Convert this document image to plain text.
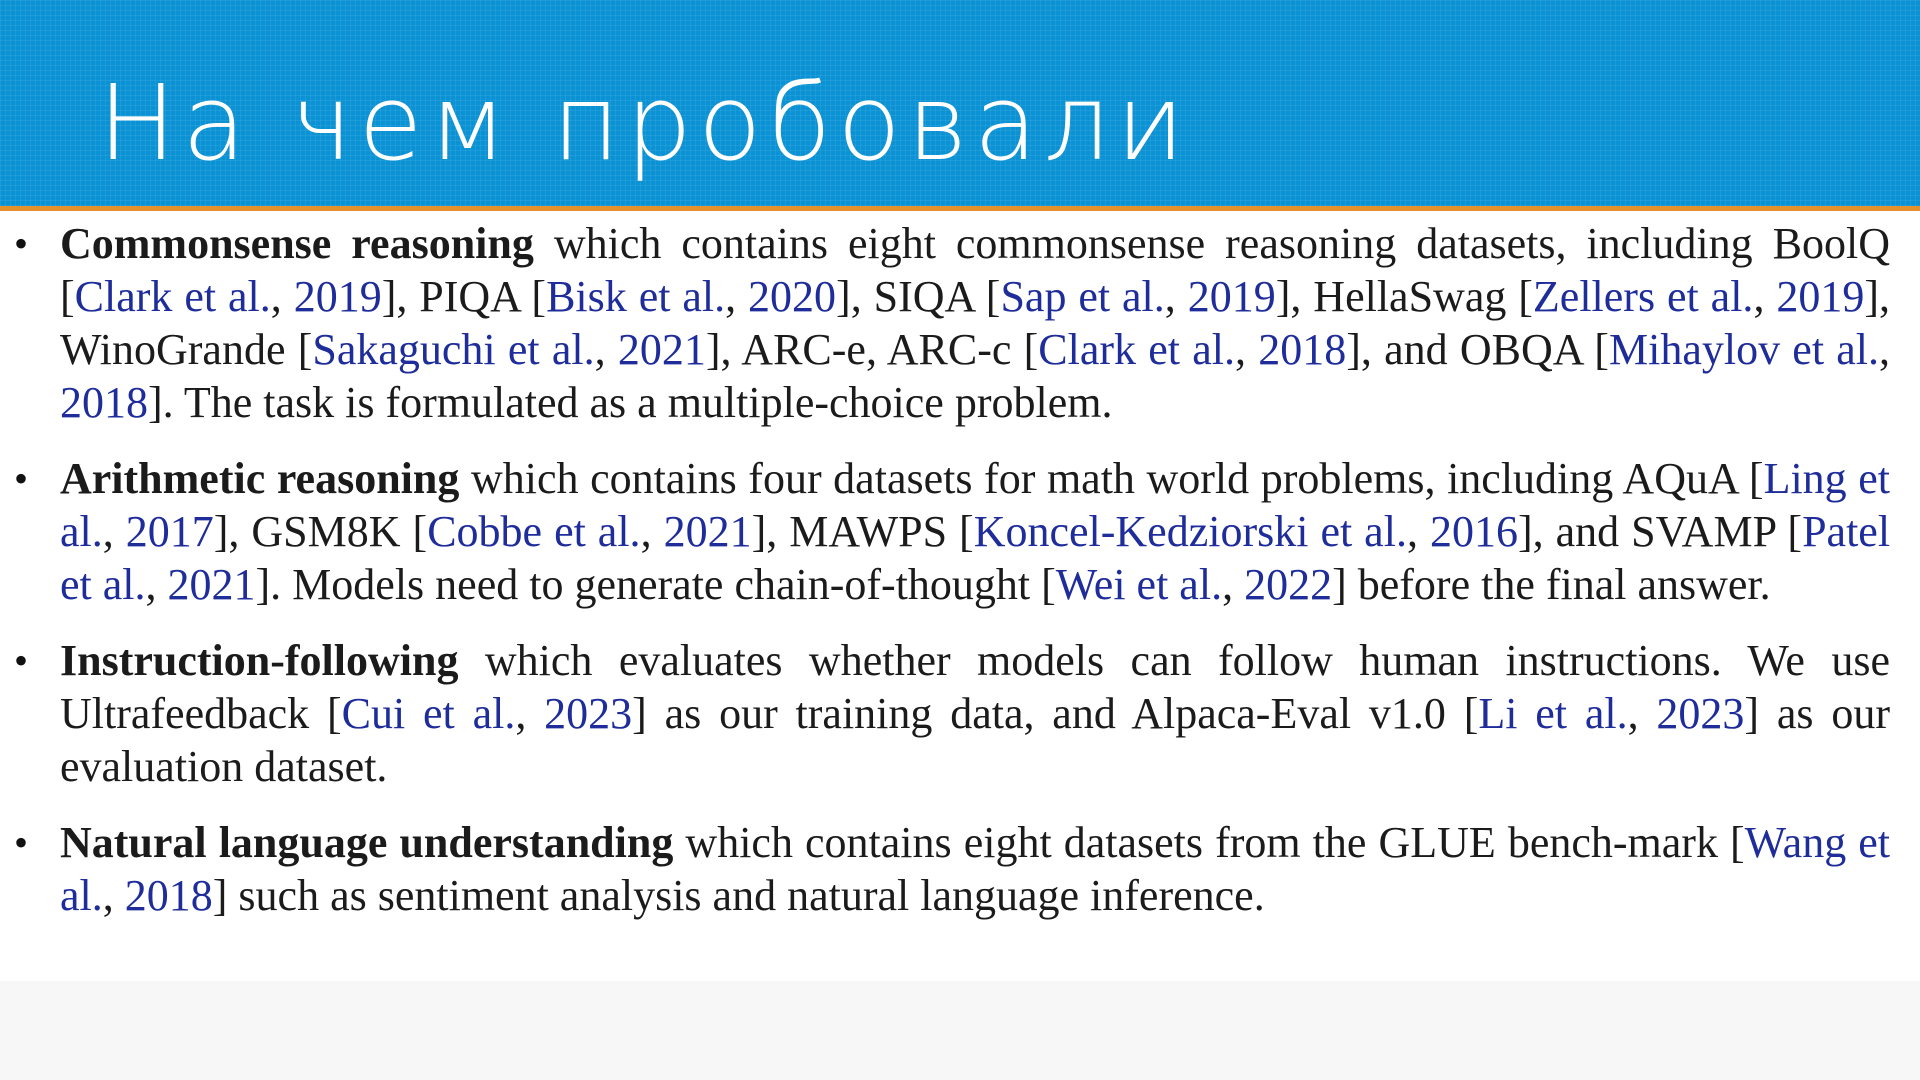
На чем пробовали
• Commonsense reasoning which contains eight commonsense reasoning datasets, including BoolQ [Clark et al., 2019], PIQA [Bisk et al., 2020], SIQA [Sap et al., 2019], HellaSwag [Zellers et al., 2019], WinoGrande [Sakaguchi et al., 2021], ARC-e, ARC-c [Clark et al., 2018], and OBQA [Mihaylov et al., 2018]. The task is formulated as a multiple-choice problem.
• Arithmetic reasoning which contains four datasets for math world problems, including AQuA [Ling et al., 2017], GSM8K [Cobbe et al., 2021], MAWPS [Koncel-Kedziorski et al., 2016], and SVAMP [Patel et al., 2021]. Models need to generate chain-of-thought [Wei et al., 2022] before the final answer.
• Instruction-following which evaluates whether models can follow human instructions. We use Ultrafeedback [Cui et al., 2023] as our training data, and Alpaca-Eval v1.0 [Li et al., 2023] as our evaluation dataset.
• Natural language understanding which contains eight datasets from the GLUE bench-mark [Wang et al., 2018] such as sentiment analysis and natural language inference.
